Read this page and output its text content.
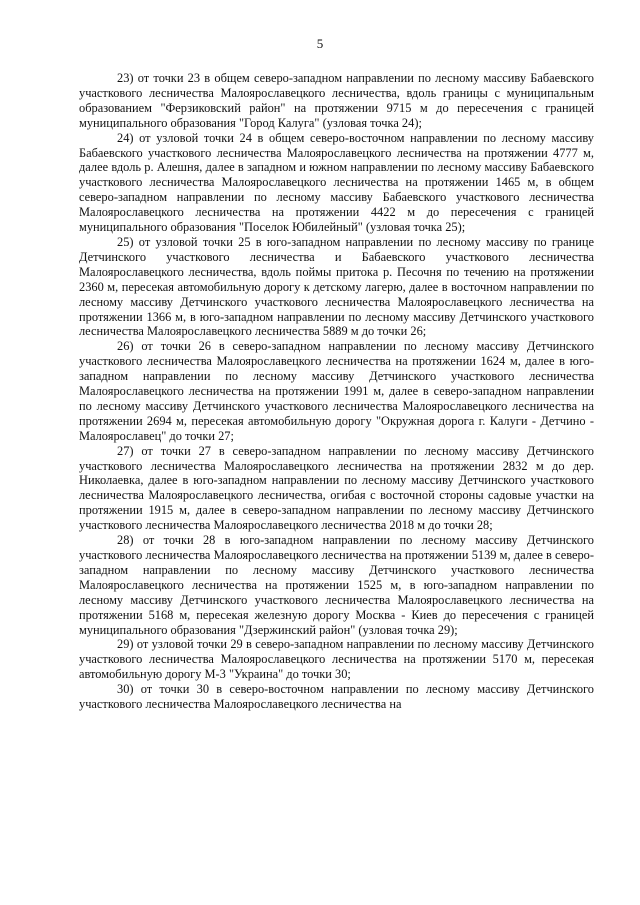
5

23) от точки 23 в общем северо-западном направлении по лесному массиву Бабаевского участкового лесничества Малоярославецкого лесничества, вдоль границы с муниципальным образованием "Ферзиковский район" на протяжении 9715 м до пересечения с границей муниципального образования "Город Калуга" (узловая точка 24);

24) от узловой точки 24 в общем северо-восточном направлении по лесному массиву Бабаевского участкового лесничества Малоярославецкого лесничества на протяжении 4777 м, далее вдоль р. Алешня, далее в западном и южном направлении по лесному массиву Бабаевского участкового лесничества Малоярославецкого лесничества на протяжении 1465 м, в общем северо-западном направлении по лесному массиву Бабаевского участкового лесничества Малоярославецкого лесничества на протяжении 4422 м до пересечения с границей муниципального образования "Поселок Юбилейный" (узловая точка 25);

25) от узловой точки 25 в юго-западном направлении по лесному массиву по границе Детчинского участкового лесничества и Бабаевского участкового лесничества Малоярославецкого лесничества, вдоль поймы притока р. Песочня по течению на протяжении 2360 м, пересекая автомобильную дорогу к детскому лагерю, далее в восточном направлении по лесному массиву Детчинского участкового лесничества Малоярославецкого лесничества на протяжении 1366 м, в юго-западном направлении по лесному массиву Детчинского участкового лесничества Малоярославецкого лесничества 5889 м до точки 26;

26) от точки 26 в северо-западном направлении по лесному массиву Детчинского участкового лесничества Малоярославецкого лесничества на протяжении 1624 м, далее в юго-западном направлении по лесному массиву Детчинского участкового лесничества Малоярославецкого лесничества на протяжении 1991 м, далее в северо-западном направлении по лесному массиву Детчинского участкового лесничества Малоярославецкого лесничества на протяжении 2694 м, пересекая автомобильную дорогу "Окружная дорога г. Калуги - Детчино - Малоярославец" до точки 27;

27) от точки 27 в северо-западном направлении по лесному массиву Детчинского участкового лесничества Малоярославецкого лесничества на протяжении 2832 м до дер. Николаевка, далее в юго-западном направлении по лесному массиву Детчинского участкового лесничества Малоярославецкого лесничества, огибая с восточной стороны садовые участки на протяжении 1915 м, далее в северо-западном направлении по лесному массиву Детчинского участкового лесничества Малоярославецкого лесничества 2018 м до точки 28;

28) от точки 28 в юго-западном направлении по лесному массиву Детчинского участкового лесничества Малоярославецкого лесничества на протяжении 5139 м, далее в северо-западном направлении по лесному массиву Детчинского участкового лесничества Малоярославецкого лесничества на протяжении 1525 м, в юго-западном направлении по лесному массиву Детчинского участкового лесничества Малоярославецкого лесничества на протяжении 5168 м, пересекая железную дорогу Москва - Киев до пересечения с границей муниципального образования "Дзержинский район" (узловая точка 29);

29) от узловой точки 29 в северо-западном направлении по лесному массиву Детчинского участкового лесничества Малоярославецкого лесничества на протяжении 5170 м, пересекая автомобильную дорогу М-3 "Украина" до точки 30;

30) от точки 30 в северо-восточном направлении по лесному массиву Детчинского участкового лесничества Малоярославецкого лесничества на
